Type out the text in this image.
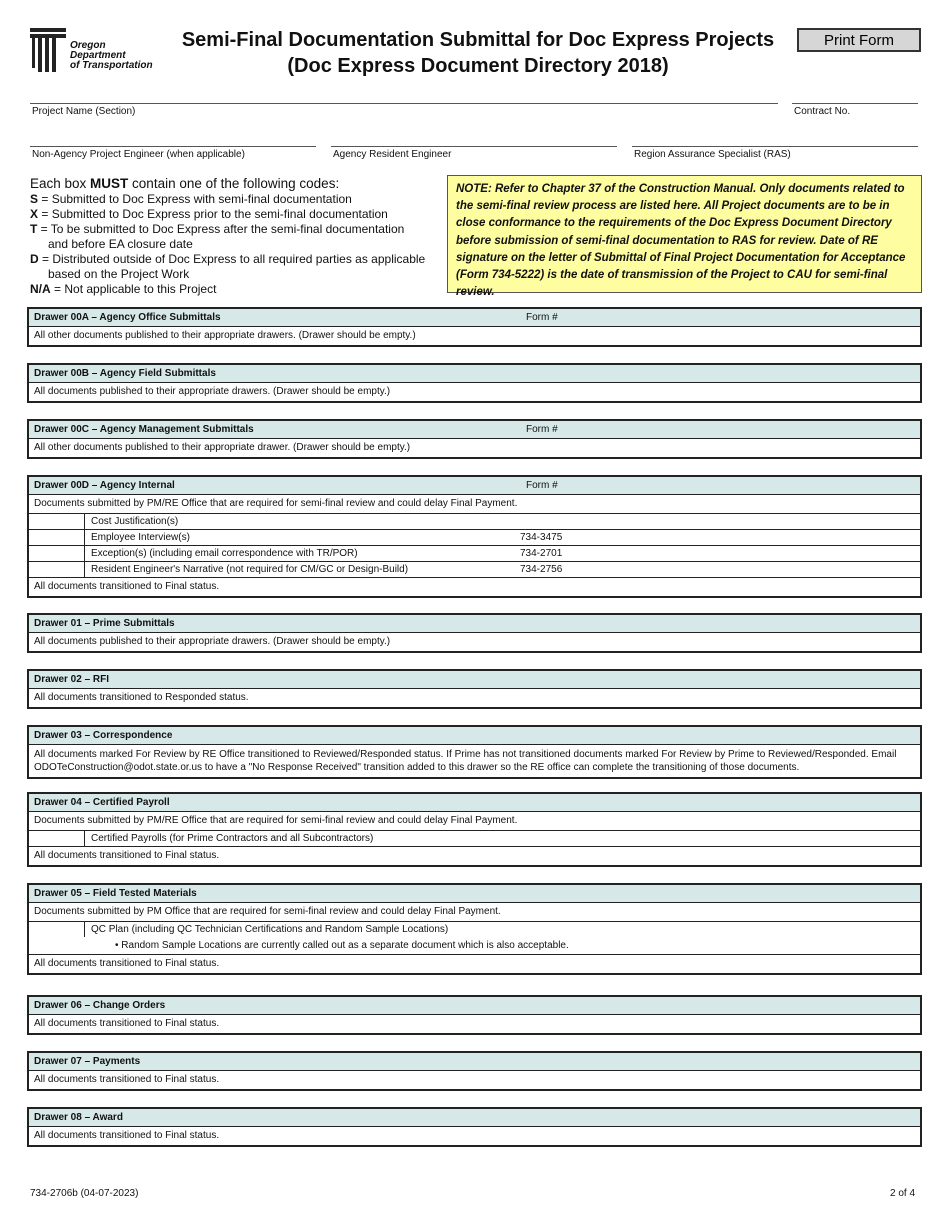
Oregon
Department
of Transportation
Semi-Final Documentation Submittal for Doc Express Projects
(Doc Express Document Directory 2018)
Print Form
Project Name (Section)	Contract No.
Non-Agency Project Engineer (when applicable)	Agency Resident Engineer	Region Assurance Specialist (RAS)
Each box MUST contain one of the following codes:
S = Submitted to Doc Express with semi-final documentation
X = Submitted to Doc Express prior to the semi-final documentation
T = To be submitted to Doc Express after the semi-final documentation
and before EA closure date
D = Distributed outside of Doc Express to all required parties as applicable
based on the Project Work
N/A = Not applicable to this Project
NOTE: Refer to Chapter 37 of the Construction Manual. Only documents related to the semi-final review process are listed here. All Project documents are to be in close conformance to the requirements of the Doc Express Document Directory before submission of semi-final documentation to RAS for review. Date of RE signature on the letter of Submittal of Final Project Documentation for Acceptance (Form 734-5222) is the date of transmission of the Project to CAU for semi-final review.
Drawer 00A – Agency Office Submittals	Form #
All other documents published to their appropriate drawers. (Drawer should be empty.)
Drawer 00B – Agency Field Submittals
All documents published to their appropriate drawers. (Drawer should be empty.)
Drawer 00C – Agency Management Submittals	Form #
All other documents published to their appropriate drawer. (Drawer should be empty.)
Drawer 00D – Agency Internal	Form #
Documents submitted by PM/RE Office that are required for semi-final review and could delay Final Payment.
Cost Justification(s)
Employee Interview(s)	734-3475
Exception(s) (including email correspondence with TR/POR)	734-2701
Resident Engineer's Narrative (not required for CM/GC or Design-Build)	734-2756
All documents transitioned to Final status.
Drawer 01 – Prime Submittals
All documents published to their appropriate drawers. (Drawer should be empty.)
Drawer 02 – RFI
All documents transitioned to Responded status.
Drawer 03 – Correspondence
All documents marked For Review by RE Office transitioned to Reviewed/Responded status. If Prime has not transitioned documents marked For Review by Prime to Reviewed/Responded. Email ODOTeConstruction@odot.state.or.us to have a "No Response Received" transition added to this drawer so the RE office can complete the transitioning of those documents.
Drawer 04 – Certified Payroll
Documents submitted by PM/RE Office that are required for semi-final review and could delay Final Payment.
Certified Payrolls (for Prime Contractors and all Subcontractors)
All documents transitioned to Final status.
Drawer 05 – Field Tested Materials
Documents submitted by PM Office that are required for semi-final review and could delay Final Payment.
QC Plan (including QC Technician Certifications and Random Sample Locations)
• Random Sample Locations are currently called out as a separate document which is also acceptable.
All documents transitioned to Final status.
Drawer 06 – Change Orders
All documents transitioned to Final status.
Drawer 07 – Payments
All documents transitioned to Final status.
Drawer 08 – Award
All documents transitioned to Final status.
734-2706b (04-07-2023)	2 of 4
